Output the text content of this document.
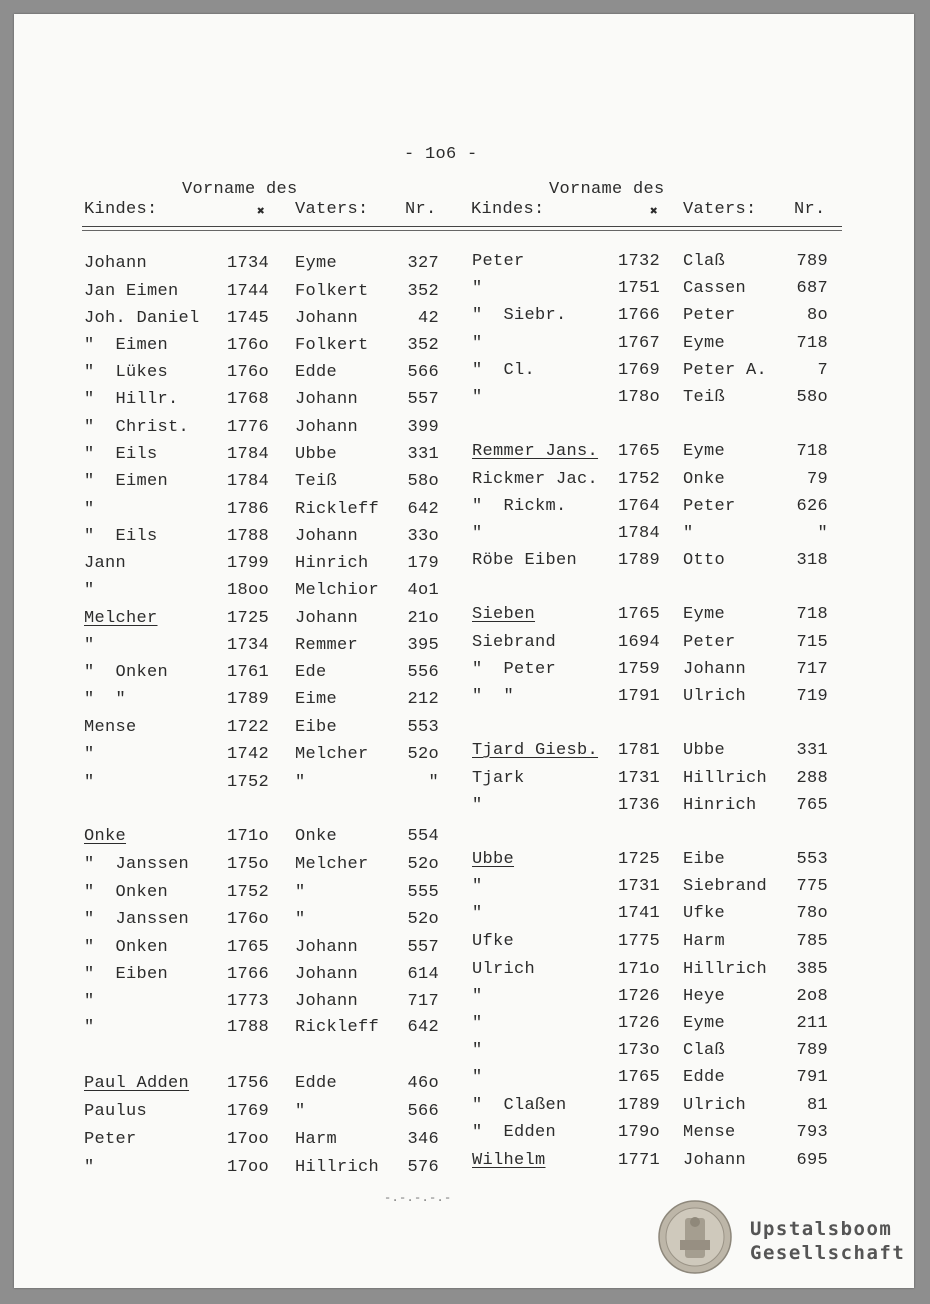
- 1o6 -
Vorname des
Kindes:	✖ Vaters: Nr.
Vorname des
Kindes:	✖ Vaters: Nr.
Johann	1734 Eyme	327
Jan Eimen	1744 Folkert 352
Joh. Daniel 1745 Johann	42
"  Eimen	176o Folkert 352
"  Lükes	176o Edde	566
"  Hillr.	1768 Johann	557
"  Christ. 1776 Johann	399
"  Eils	1784 Ubbe	331
"  Eimen	1784 Teiß	58o
"	1786 Rickleff 642
"  Eils	1788 Johann	33o
Jann	1799 Hinrich 179
"	18oo Melchior 4o1
Melcher	1725 Johann	21o
"	1734 Remmer	395
"  Onken	1761 Ede	556
"  "	1789 Eime	212
Mense	1722 Eibe	553
"	1742 Melcher 52o
"	1752 "	"
Onke	171o Onke	554
"  Janssen 175o Melcher 52o
"  Onken	1752 "	555
"  Janssen 176o "	52o
"  Onken	1765 Johann	557
"  Eiben	1766 Johann	614
"	1773 Johann	717
"	1788 Rickleff 642
Paul Adden 1756 Edde	46o
Paulus	1769 "	566
Peter	17oo Harm	346
"	17oo Hillrich 576
Peter	1732 Claß	789
"	1751 Cassen	687
"  Siebr.	1766 Peter	8o
"	1767 Eyme	718
"  Cl.	1769 Peter A.	7
"	178o Teiß	58o
Remmer Jans. 1765 Eyme	718
Rickmer Jac. 1752 Onke	79
"  Rickm.	1764 Peter	626
"	1784 "	"
Röbe Eiben 1789 Otto	318
Sieben	1765 Eyme	718
Siebrand	1694 Peter	715
"  Peter	1759 Johann	717
"  "	1791 Ulrich	719
Tjard Giesb. 1781 Ubbe	331
Tjark	1731 Hillrich 288
"	1736 Hinrich 765
Ubbe	1725 Eibe	553
"	1731 Siebrand 775
"	1741 Ufke	78o
Ufke	1775 Harm	785
Ulrich	171o Hillrich 385
"	1726 Heye	2o8
"	1726 Eyme	211
"	173o Claß	789
"	1765 Edde	791
"  Claßen	1789 Ulrich	81
"  Edden	179o Mense	793
Wilhelm	1771 Johann	695
-.-.-.-.-
Upstalsboom
Gesellschaft
